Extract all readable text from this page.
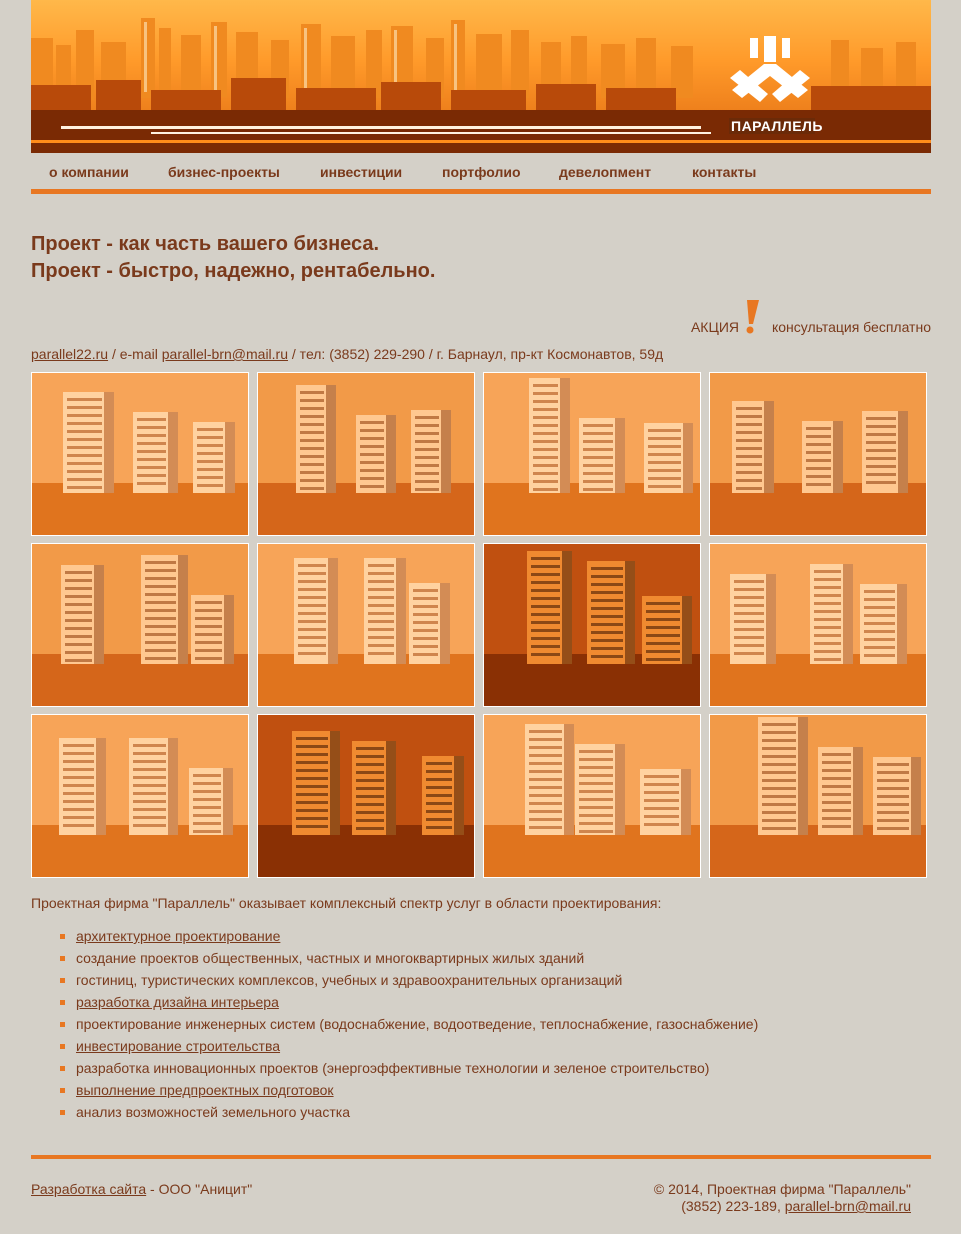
ПАРАЛЛЕЛЬ
о компании	бизнес-проекты	инвестиции	портфолио	девелопмент	контакты
Проект - как часть вашего бизнеса.
Проект - быстро, надежно, рентабельно.
АКЦИЯ консультация бесплатно
parallel22.ru / e-mail parallel-brn@mail.ru / тел: (3852) 229-290 / г. Барнаул, пр-кт Космонавтов, 59д
Проектная фирма "Параллель" оказывает комплексный спектр услуг в области проектирования:
архитектурное проектирование
создание проектов общественных, частных и многоквартирных жилых зданий
гостиниц, туристических комплексов, учебных и здравоохранительных организаций
разработка дизайна интерьера
проектирование инженерных систем (водоснабжение, водоотведение, теплоснабжение, газоснабжение)
инвестирование строительства
разработка инновационных проектов (энергоэффективные технологии и зеленое строительство)
выполнение предпроектных подготовок
анализ возможностей земельного участка
Разработка сайта - ООО "Аницит"	© 2014, Проектная фирма "Параллель"
(3852) 223-189, parallel-brn@mail.ru
